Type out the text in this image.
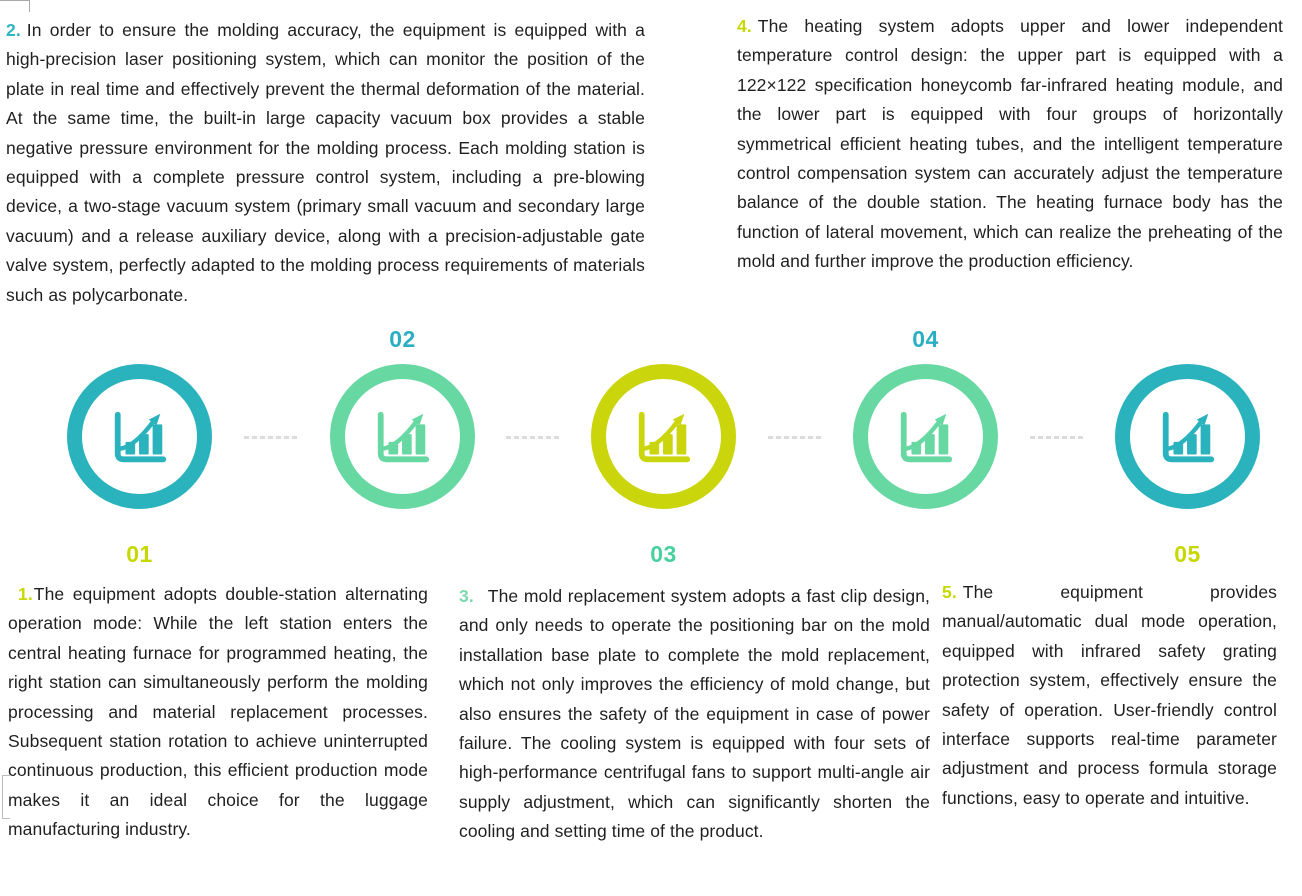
2. In order to ensure the molding accuracy, the equipment is equipped with a high-precision laser positioning system, which can monitor the position of the plate in real time and effectively prevent the thermal deformation of the material. At the same time, the built-in large capacity vacuum box provides a stable negative pressure environment for the molding process. Each molding station is equipped with a complete pressure control system, including a pre-blowing device, a two-stage vacuum system (primary small vacuum and secondary large vacuum) and a release auxiliary device, along with a precision-adjustable gate valve system, perfectly adapted to the molding process requirements of materials such as polycarbonate.
4. The heating system adopts upper and lower independent temperature control design: the upper part is equipped with a 122×122 specification honeycomb far-infrared heating module, and the lower part is equipped with four groups of horizontally symmetrical efficient heating tubes, and the intelligent temperature control compensation system can accurately adjust the temperature balance of the double station. The heating furnace body has the function of lateral movement, which can realize the preheating of the mold and further improve the production efficiency.
01
02
03
04
05
1.The equipment adopts double-station alternating operation mode: While the left station enters the central heating furnace for programmed heating, the right station can simultaneously perform the molding processing and material replacement processes. Subsequent station rotation to achieve uninterrupted continuous production, this efficient production mode makes it an ideal choice for the luggage manufacturing industry.
3. The mold replacement system adopts a fast clip design, and only needs to operate the positioning bar on the mold installation base plate to complete the mold replacement, which not only improves the efficiency of mold change, but also ensures the safety of the equipment in case of power failure. The cooling system is equipped with four sets of high-performance centrifugal fans to support multi-angle air supply adjustment, which can significantly shorten the cooling and setting time of the product.
5. The equipment provides manual/automatic dual mode operation, equipped with infrared safety grating protection system, effectively ensure the safety of operation. User-friendly control interface supports real-time parameter adjustment and process formula storage functions, easy to operate and intuitive.
